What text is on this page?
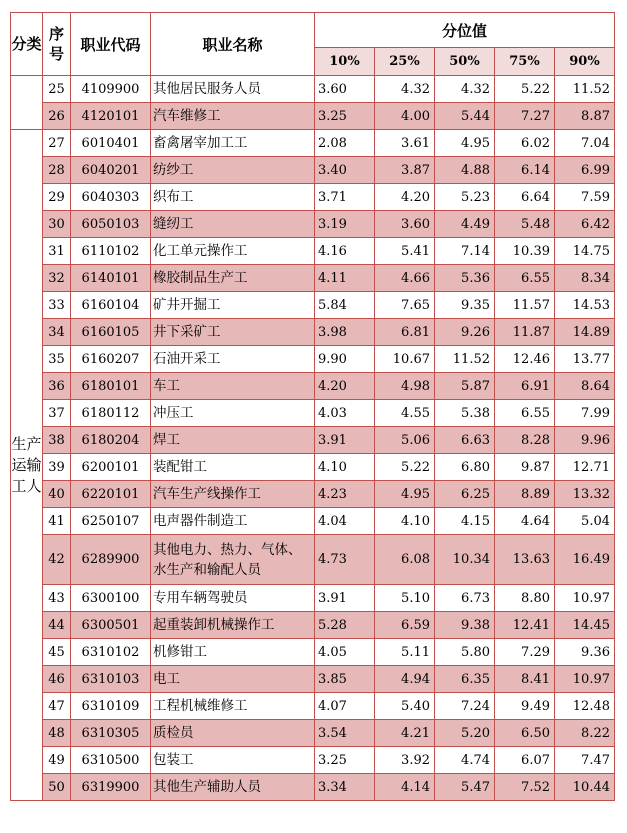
分类	序号	职业代码	职业名称	分位值				
				10%	25%	50%	75%	90%
	25	4109900	其他居民服务人员	3.60	4.32	4.32	5.22	11.52
	26	4120101	汽车维修工	3.25	4.00	5.44	7.27	8.87
生产运输工人	27	6010401	畜禽屠宰加工工	2.08	3.61	4.95	6.02	7.04
	28	6040201	纺纱工	3.40	3.87	4.88	6.14	6.99
	29	6040303	织布工	3.71	4.20	5.23	6.64	7.59
	30	6050103	缝纫工	3.19	3.60	4.49	5.48	6.42
	31	6110102	化工单元操作工	4.16	5.41	7.14	10.39	14.75
	32	6140101	橡胶制品生产工	4.11	4.66	5.36	6.55	8.34
	33	6160104	矿井开掘工	5.84	7.65	9.35	11.57	14.53
	34	6160105	井下采矿工	3.98	6.81	9.26	11.87	14.89
	35	6160207	石油开采工	9.90	10.67	11.52	12.46	13.77
	36	6180101	车工	4.20	4.98	5.87	6.91	8.64
	37	6180112	冲压工	4.03	4.55	5.38	6.55	7.99
	38	6180204	焊工	3.91	5.06	6.63	8.28	9.96
	39	6200101	装配钳工	4.10	5.22	6.80	9.87	12.71
	40	6220101	汽车生产线操作工	4.23	4.95	6.25	8.89	13.32
	41	6250107	电声器件制造工	4.04	4.10	4.15	4.64	5.04
	42	6289900	其他电力、热力、气体、水生产和输配人员	4.73	6.08	10.34	13.63	16.49
	43	6300100	专用车辆驾驶员	3.91	5.10	6.73	8.80	10.97
	44	6300501	起重装卸机械操作工	5.28	6.59	9.38	12.41	14.45
	45	6310102	机修钳工	4.05	5.11	5.80	7.29	9.36
	46	6310103	电工	3.85	4.94	6.35	8.41	10.97
	47	6310109	工程机械维修工	4.07	5.40	7.24	9.49	12.48
	48	6310305	质检员	3.54	4.21	5.20	6.50	8.22
	49	6310500	包装工	3.25	3.92	4.74	6.07	7.47
	50	6319900	其他生产辅助人员	3.34	4.14	5.47	7.52	10.44
